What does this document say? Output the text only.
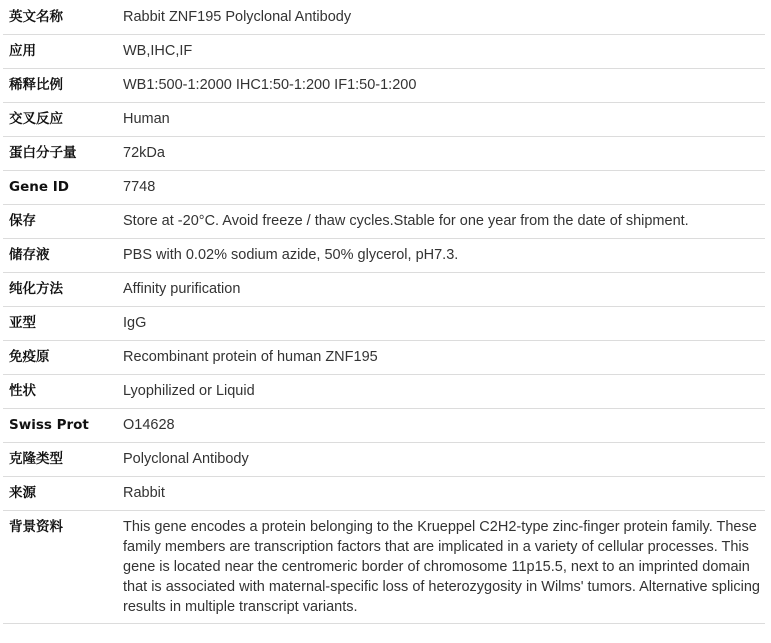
英文名称	Rabbit ZNF195 Polyclonal Antibody
应用	WB,IHC,IF
稀释比例	WB1:500-1:2000 IHC1:50-1:200 IF1:50-1:200
交叉反应	Human
蛋白分子量	72kDa
Gene ID	7748
保存	Store at -20°C. Avoid freeze / thaw cycles.Stable for one year from the date of shipment.
储存液	PBS with 0.02% sodium azide, 50% glycerol, pH7.3.
纯化方法	Affinity purification
亚型	IgG
免疫原	Recombinant protein of human ZNF195
性状	Lyophilized or Liquid
Swiss Prot	O14628
克隆类型	Polyclonal Antibody
来源	Rabbit
背景资料	This gene encodes a protein belonging to the Krueppel C2H2-type zinc-finger protein family. These family members are transcription factors that are implicated in a variety of cellular processes. This gene is located near the centromeric border of chromosome 11p15.5, next to an imprinted domain that is associated with maternal-specific loss of heterozygosity in Wilms' tumors. Alternative splicing results in multiple transcript variants.
